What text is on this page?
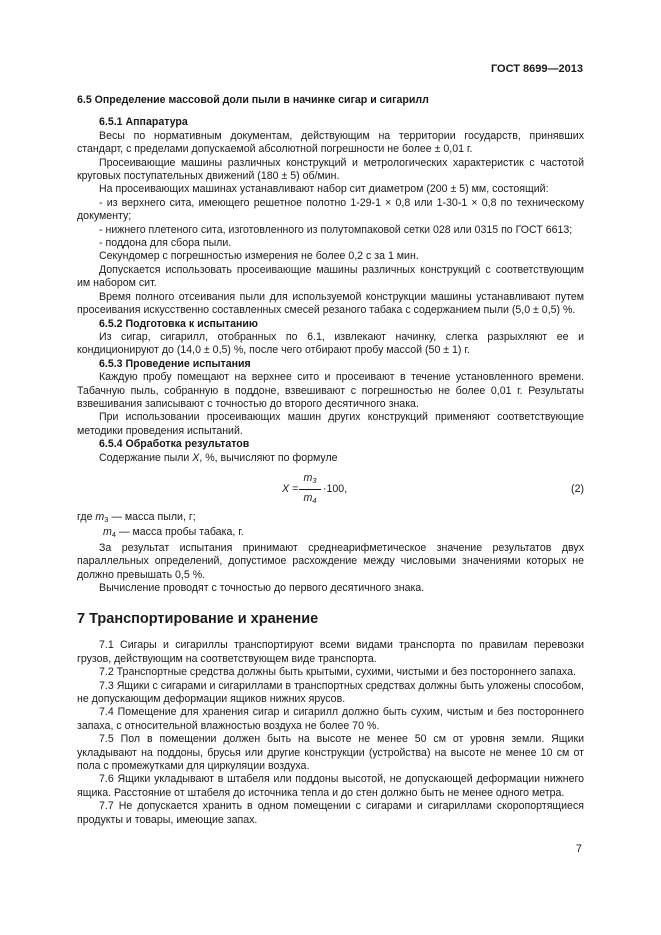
ГОСТ 8699—2013

6.5 Определение массовой доли пыли в начинке сигар и сигарилл

6.5.1 Аппаратура

Весы по нормативным документам, действующим на территории государств, принявших стандарт, с пределами допускаемой абсолютной погрешности не более ± 0,01 г.

Просеивающие машины различных конструкций и метрологических характеристик с частотой круговых поступательных движений (180 ± 5) об/мин.

На просеивающих машинах устанавливают набор сит диаметром (200 ± 5) мм, состоящий:

- из верхнего сита, имеющего решетное полотно 1-29-1 × 0,8 или 1-30-1 × 0,8 по техническому документу;

- нижнего плетеного сита, изготовленного из полутомпаковой сетки 028 или 0315 по ГОСТ 6613;

- поддона для сбора пыли.

Секундомер с погрешностью измерения не более 0,2 с за 1 мин.

Допускается использовать просеивающие машины различных конструкций с соответствующим им набором сит.

Время полного отсеивания пыли для используемой конструкции машины устанавливают путем просеивания искусственно составленных смесей резаного табака с содержанием пыли (5,0 ± 0,5) %.

6.5.2 Подготовка к испытанию

Из сигар, сигарилл, отобранных по 6.1, извлекают начинку, слегка разрыхляют ее и кондиционируют до (14,0 ± 0,5) %, после чего отбирают пробу массой (50 ± 1) г.

6.5.3 Проведение испытания

Каждую пробу помещают на верхнее сито и просеивают в течение установленного времени. Табачную пыль, собранную в поддоне, взвешивают с погрешностью не более 0,01 г. Результаты взвешивания записывают с точностью до второго десятичного знака.

При использовании просеивающих машин других конструкций применяют соответствующие методики проведения испытаний.

6.5.4 Обработка результатов

Содержание пыли X, %, вычисляют по формуле

X =
$m_3$
$m_4$
·100,	(2)

где $m_3$ — масса пыли, г;

$m_4$ — масса пробы табака, г.

За результат испытания принимают среднеарифметическое значение результатов двух параллельных определений, допустимое расхождение между числовыми значениями которых не должно превышать 0,5 %.

Вычисление проводят с точностью до первого десятичного знака.

7 Транспортирование и хранение

7.1 Сигары и сигариллы транспортируют всеми видами транспорта по правилам перевозки грузов, действующим на соответствующем виде транспорта.

7.2 Транспортные средства должны быть крытыми, сухими, чистыми и без постороннего запаха.

7.3 Ящики с сигарами и сигариллами в транспортных средствах должны быть уложены способом, не допускающим деформации ящиков нижних ярусов.

7.4 Помещение для хранения сигар и сигарилл должно быть сухим, чистым и без постороннего запаха, с относительной влажностью воздуха не более 70 %.

7.5 Пол в помещении должен быть на высоте не менее 50 см от уровня земли. Ящики укладывают на поддоны, брусья или другие конструкции (устройства) на высоте не менее 10 см от пола с промежутками для циркуляции воздуха.

7.6 Ящики укладывают в штабеля или поддоны высотой, не допускающей деформации нижнего ящика. Расстояние от штабеля до источника тепла и до стен должно быть не менее одного метра.

7.7 Не допускается хранить в одном помещении с сигарами и сигариллами скоропортящиеся продукты и товары, имеющие запах.

7
